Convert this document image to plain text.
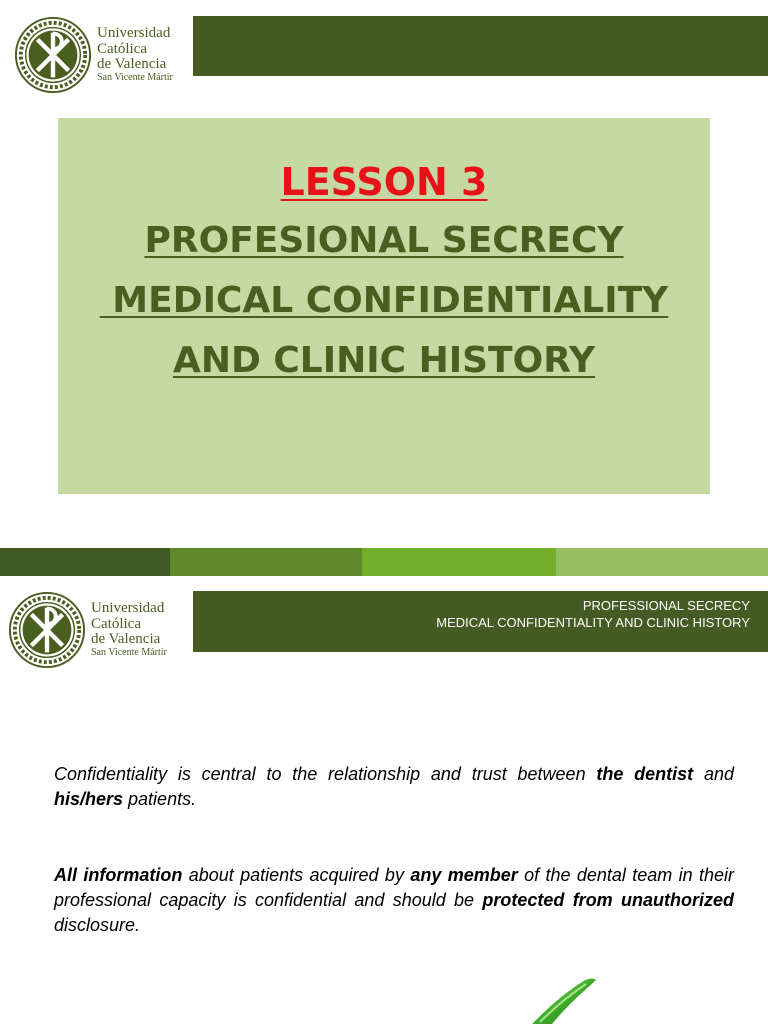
Universidad
Católica
de Valencia
San Vicente Mártir
LESSON 3
PROFESIONAL SECRECY
MEDICAL CONFIDENTIALITY
AND CLINIC HISTORY
Universidad
Católica
de Valencia
San Vicente Mártir
PROFESSIONAL SECRECY
MEDICAL CONFIDENTIALITY AND CLINIC HISTORY
Confidentiality is central to the relationship and trust between the dentist and his/hers patients.
All information about patients acquired by any member of the dental team in their professional capacity is confidential and should be protected from unauthorized disclosure.
